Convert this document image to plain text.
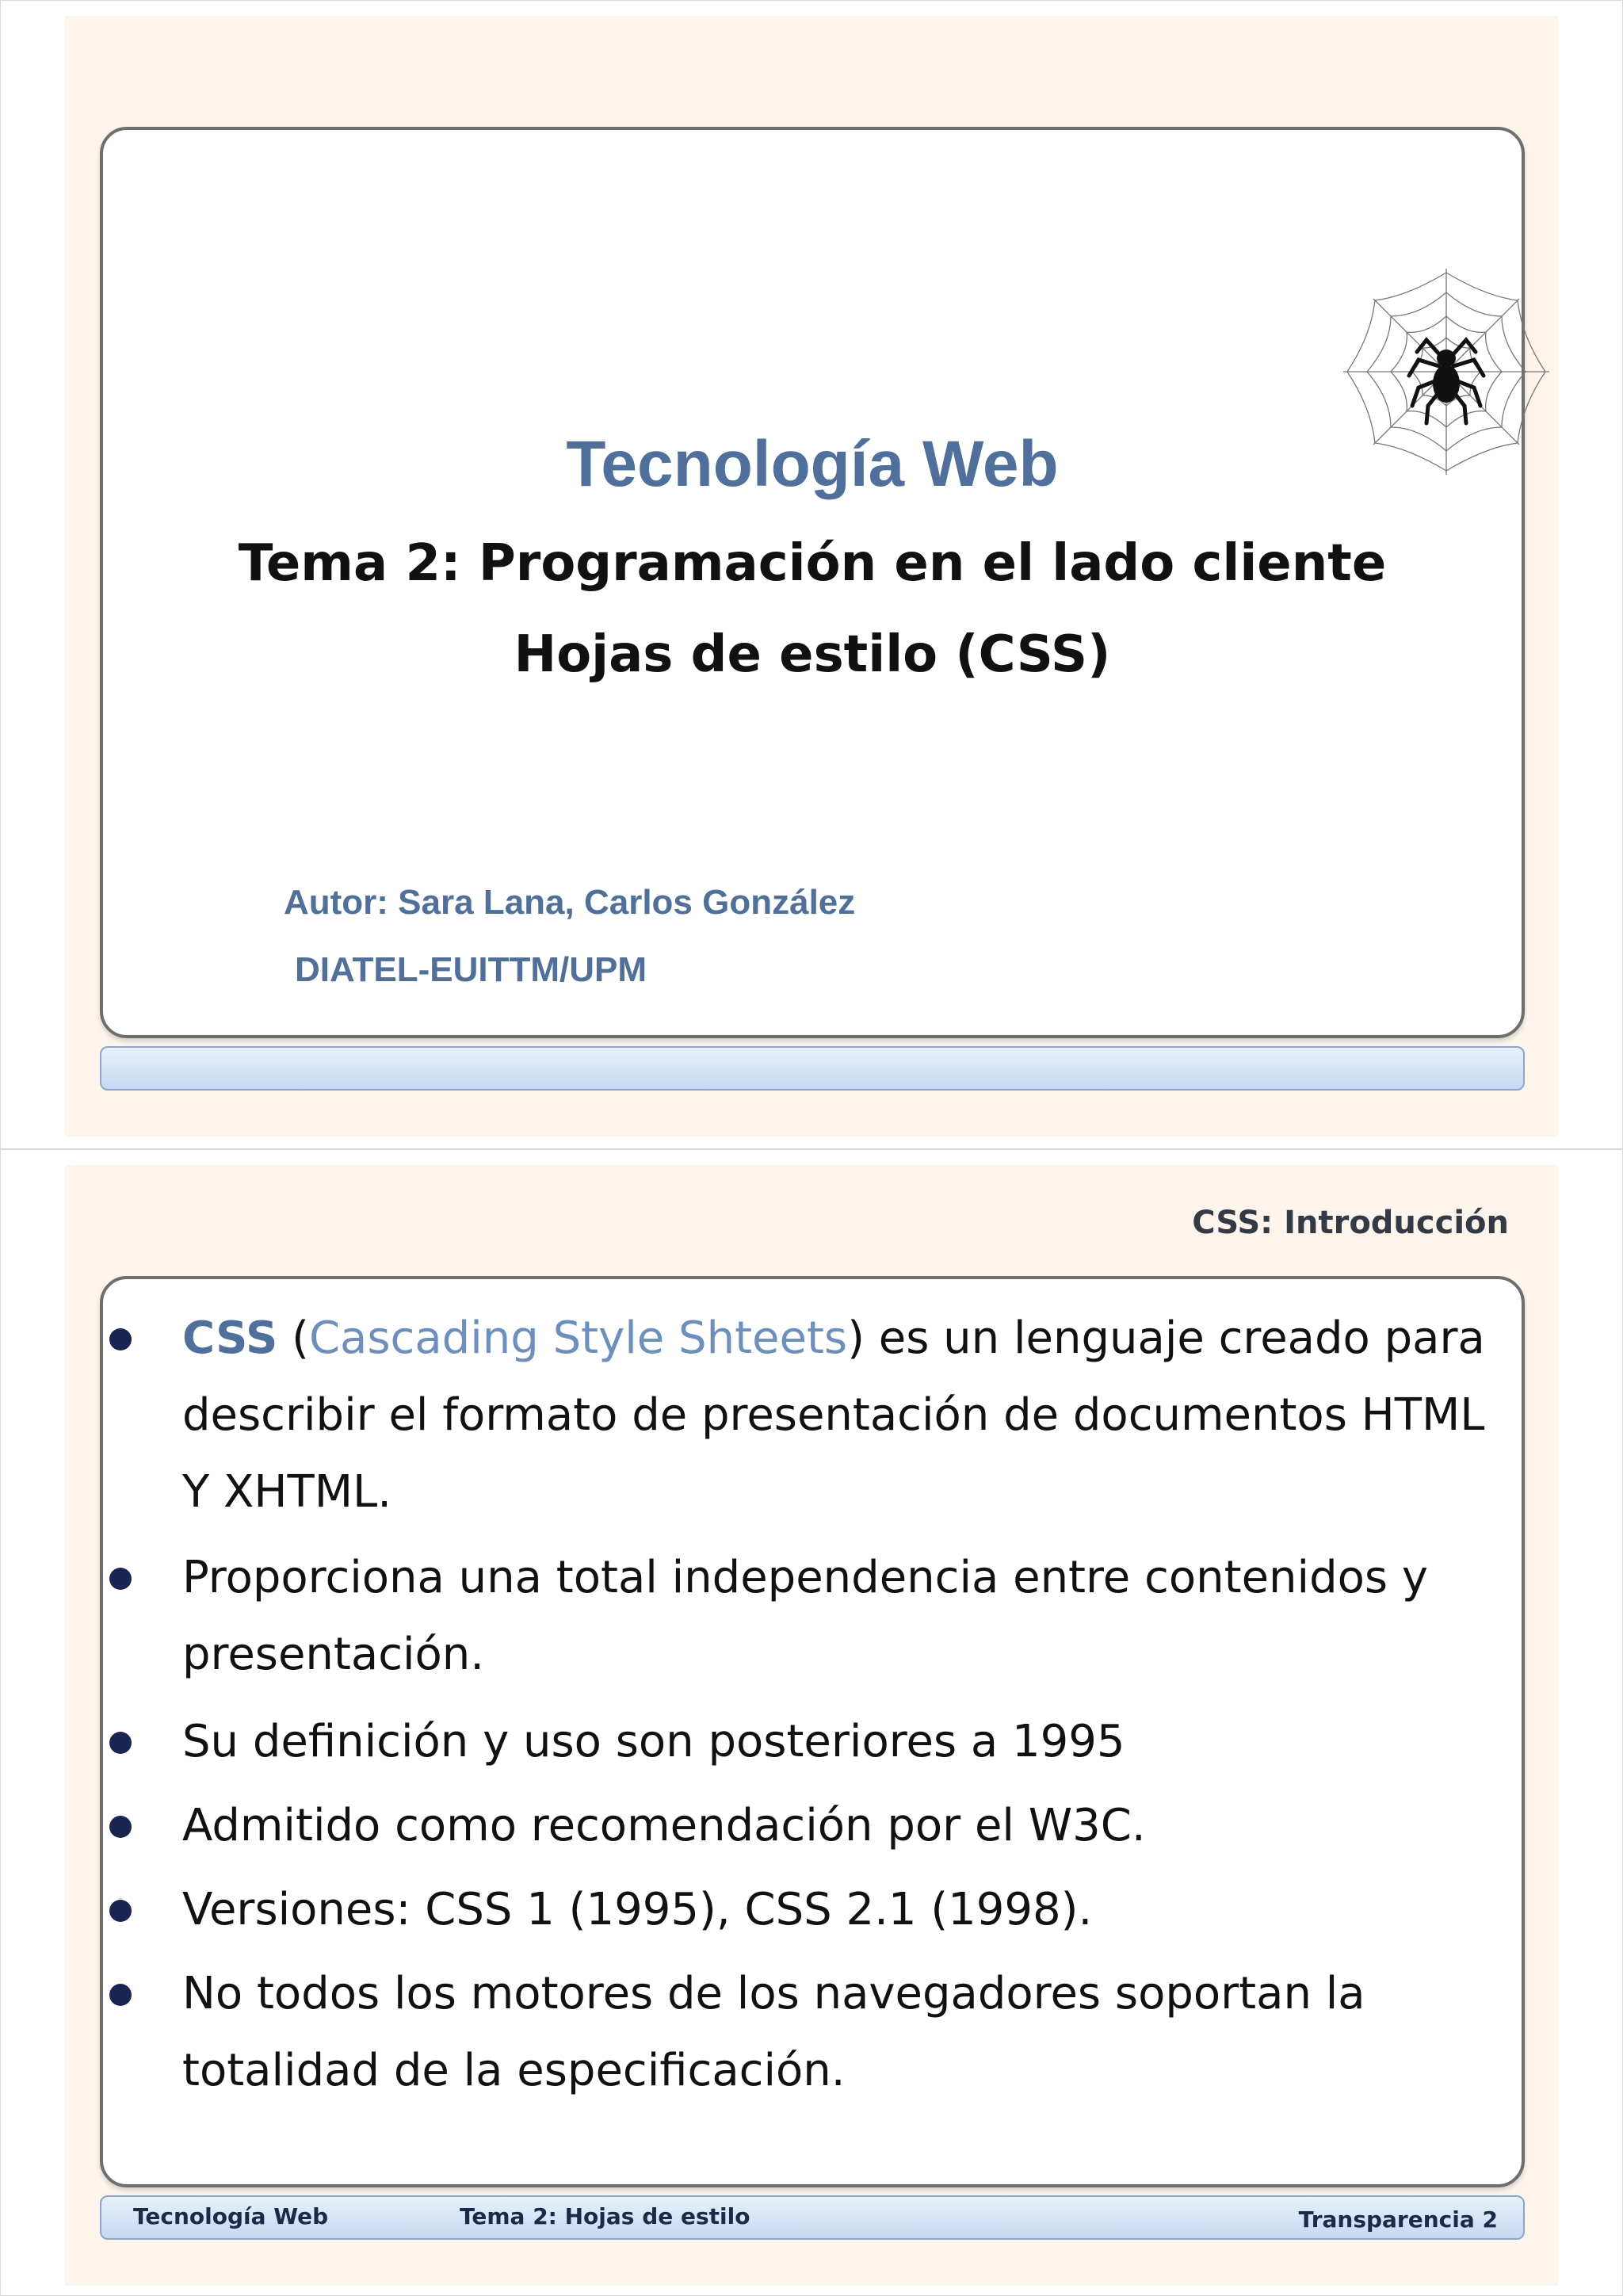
Tecnología Web
Tema 2: Programación en el lado cliente
Hojas de estilo (CSS)
Autor: Sara Lana, Carlos González
DIATEL-EUITTM/UPM
CSS: Introducción
CSS (Cascading Style Shteets) es un lenguaje creado para
describir el formato de presentación de documentos HTML
Y XHTML.
Proporciona una total independencia entre contenidos y
presentación.
Su definición y uso son posteriores a 1995
Admitido como recomendación por el W3C.
Versiones: CSS 1 (1995), CSS 2.1 (1998).
No todos los motores de los navegadores soportan la
totalidad de la especificación.
Tecnología Web	Tema 2: Hojas de estilo	Transparencia 2
